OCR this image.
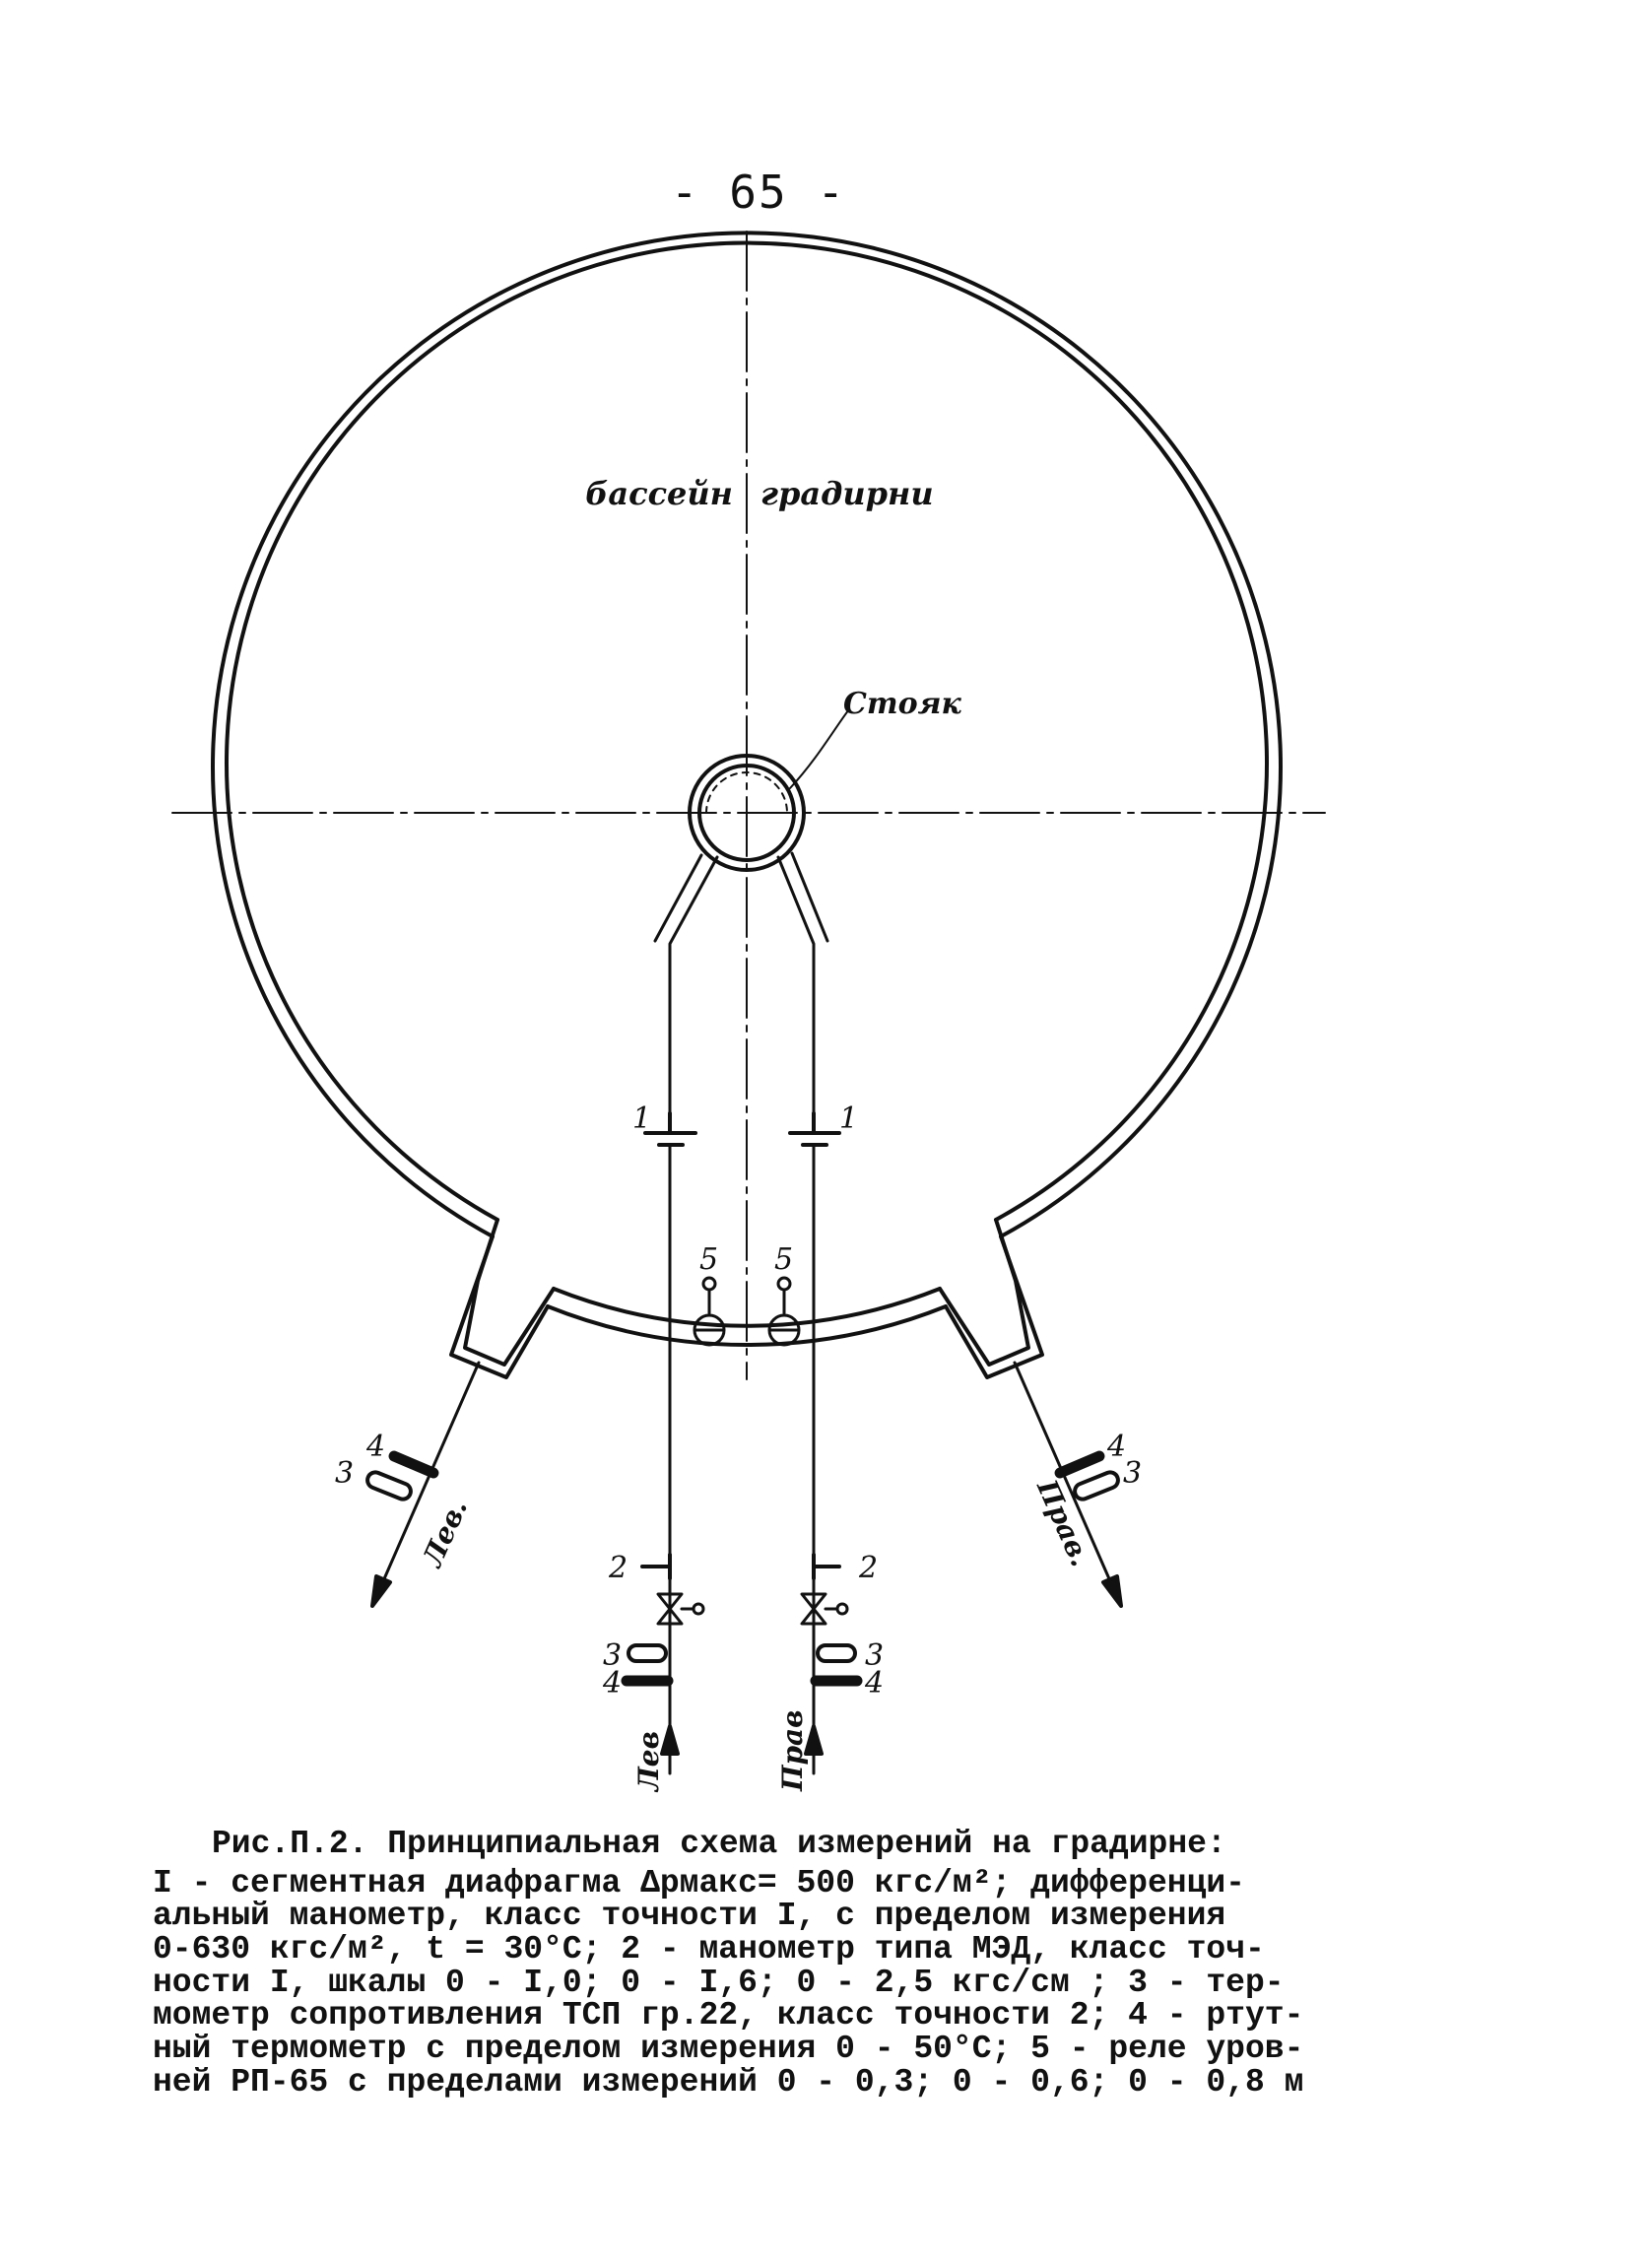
- 65 -
бассейн градирни
Стояк
1	1
5 5
2	2
3	3
4	4
4
3
4
3
Лев.	Прав.
Лев	Прав
Рис.П.2. Принципиальная схема измерений на градирне:
I - сегментная диафрагма Δpмакс= 500 кгс/м²; дифференци-
альный манометр, класс точности I, с пределом измерения
0-630 кгс/м², t = 30°C; 2 - манометр типа МЭД, класс точ-
ности I, шкалы 0 - I,0; 0 - I,6; 0 - 2,5 кгс/см ; 3 - тер-
мометр сопротивления ТСП гр.22, класс точности 2; 4 - ртут-
ный термометр с пределом измерения 0 - 50°C; 5 - реле уров-
ней РП-65 с пределами измерений 0 - 0,3; 0 - 0,6; 0 - 0,8 м
